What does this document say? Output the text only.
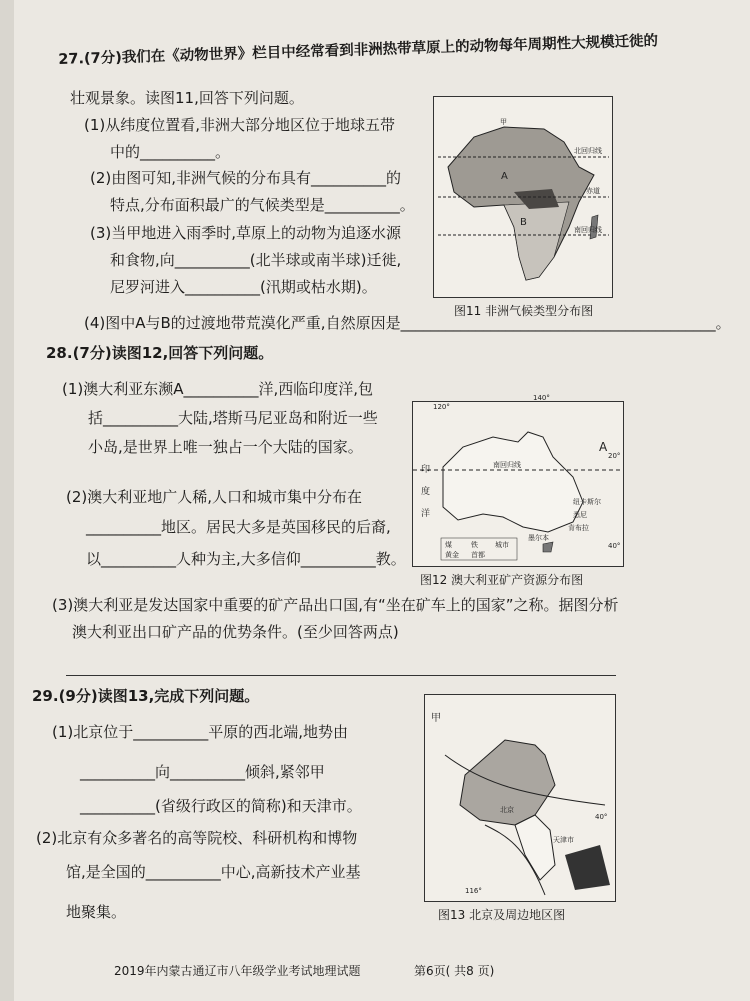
27.(7分)我们在《动物世界》栏目中经常看到非洲热带草原上的动物每年周期性大规模迁徙的
壮观景象。读图11,回答下列问题。
(1)从纬度位置看,非洲大部分地区位于地球五带
中的__________。
(2)由图可知,非洲气候的分布具有__________的
特点,分布面积最广的气候类型是__________。
(3)当甲地进入雨季时,草原上的动物为追逐水源
和食物,向__________(北半球或南半球)迁徙,
尼罗河进入__________(汛期或枯水期)。
(4)图中A与B的过渡地带荒漠化严重,自然原因是__________________________________________。
甲
A
B
北回归线
赤道
南回归线
图11 非洲气候类型分布图
28.(7分)读图12,回答下列问题。
(1)澳大利亚东濒A__________洋,西临印度洋,包
括__________大陆,塔斯马尼亚岛和附近一些
小岛,是世界上唯一独占一个大陆的国家。
(2)澳大利亚地广人稀,人口和城市集中分布在
__________地区。居民大多是英国移民的后裔,
以__________人种为主,大多信仰__________教。
(3)澳大利亚是发达国家中重要的矿产品出口国,有“坐在矿车上的国家”之称。据图分析
澳大利亚出口矿产品的优势条件。(至少回答两点)
120°
140°
20°
40°
A
南回归线
印
度
洋
纽卡斯尔
悉尼
肯布拉
墨尔本
煤	铁 城市
黄金 首都
图12 澳大利亚矿产资源分布图
29.(9分)读图13,完成下列问题。
(1)北京位于__________平原的西北端,地势由
__________向__________倾斜,紧邻甲
__________(省级行政区的简称)和天津市。
(2)北京有众多著名的高等院校、科研机构和博物
馆,是全国的__________中心,高新技术产业基
地聚集。
甲
北京
天津市
40°
116°
图13 北京及周边地区图
2019年内蒙古通辽市八年级学业考试地理试题	第6页( 共8 页)
